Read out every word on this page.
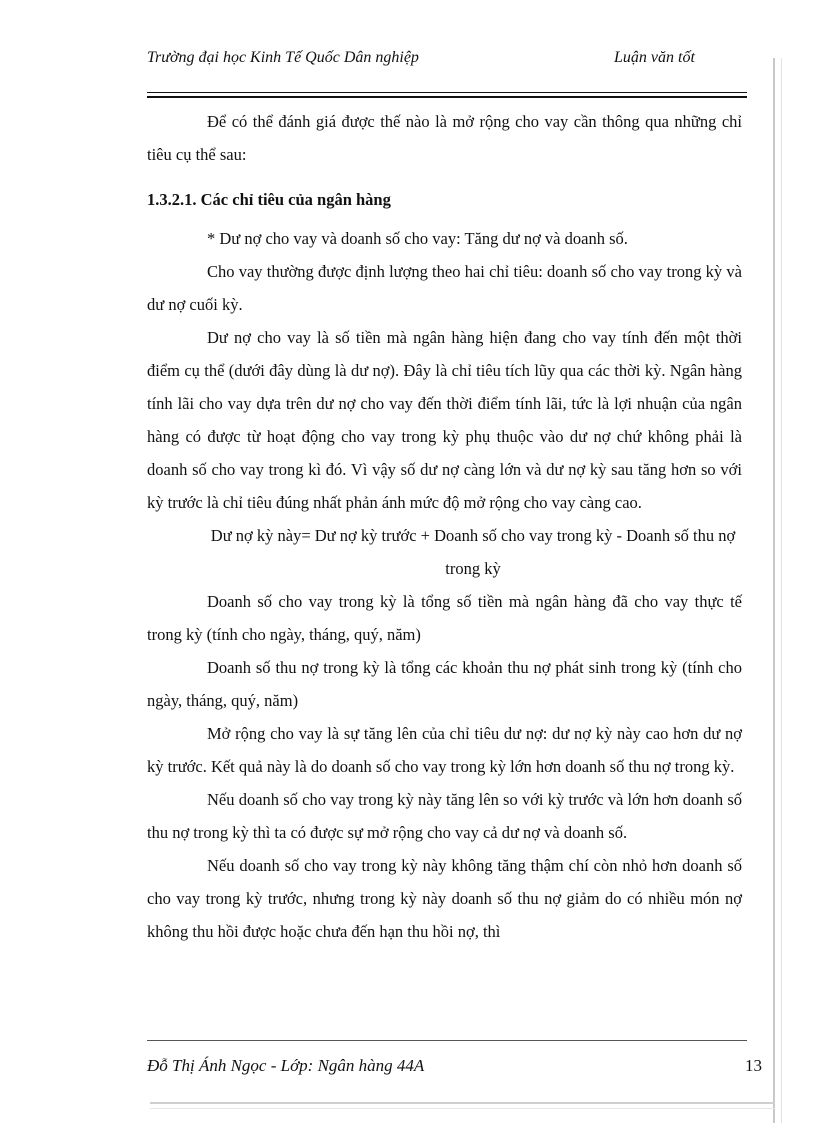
Trường đại học Kinh Tế Quốc Dân nghiệp	Luận văn tốt

Để có thể đánh giá được thế nào là mở rộng cho vay cần thông qua những chỉ tiêu cụ thể sau:

1.3.2.1. Các chỉ tiêu của ngân hàng

* Dư nợ cho vay và doanh số cho vay: Tăng dư nợ và doanh số.

Cho vay thường được định lượng theo hai chỉ tiêu: doanh số cho vay trong kỳ và dư nợ cuối kỳ.

Dư nợ cho vay là số tiền mà ngân hàng hiện đang cho vay tính đến một thời điểm cụ thể (dưới đây dùng là dư nợ). Đây là chỉ tiêu tích lũy qua các thời kỳ. Ngân hàng tính lãi cho vay dựa trên dư nợ cho vay đến thời điểm tính lãi, tức là lợi nhuận của ngân hàng có được từ hoạt động cho vay trong kỳ phụ thuộc vào dư nợ chứ không phải là doanh số cho vay trong kì đó. Vì vậy số dư nợ càng lớn và dư nợ kỳ sau tăng hơn so với kỳ trước là chỉ tiêu đúng nhất phản ánh mức độ mở rộng cho vay càng cao.

Dư nợ kỳ này= Dư nợ kỳ trước + Doanh số cho vay trong kỳ - Doanh số thu nợ trong kỳ

Doanh số cho vay trong kỳ là tổng số tiền mà ngân hàng đã cho vay thực tế trong kỳ (tính cho ngày, tháng, quý, năm)

Doanh số thu nợ trong kỳ là tổng các khoản thu nợ phát sinh trong kỳ (tính cho ngày, tháng, quý, năm)

Mở rộng cho vay là sự tăng lên của chỉ tiêu dư nợ: dư nợ kỳ này cao hơn dư nợ kỳ trước. Kết quả này là do doanh số cho vay trong kỳ lớn hơn doanh số thu nợ trong kỳ.

Nếu doanh số cho vay trong kỳ này tăng lên so với kỳ trước và lớn hơn doanh số thu nợ trong kỳ thì ta có được sự mở rộng cho vay cả dư nợ và doanh số.

Nếu doanh số cho vay trong kỳ này không tăng thậm chí còn nhỏ hơn doanh số cho vay trong kỳ trước, nhưng trong kỳ này doanh số thu nợ giảm do có nhiều món nợ không thu hồi được hoặc chưa đến hạn thu hồi nợ, thì

Đỗ Thị Ánh Ngọc - Lớp: Ngân hàng 44A	13
